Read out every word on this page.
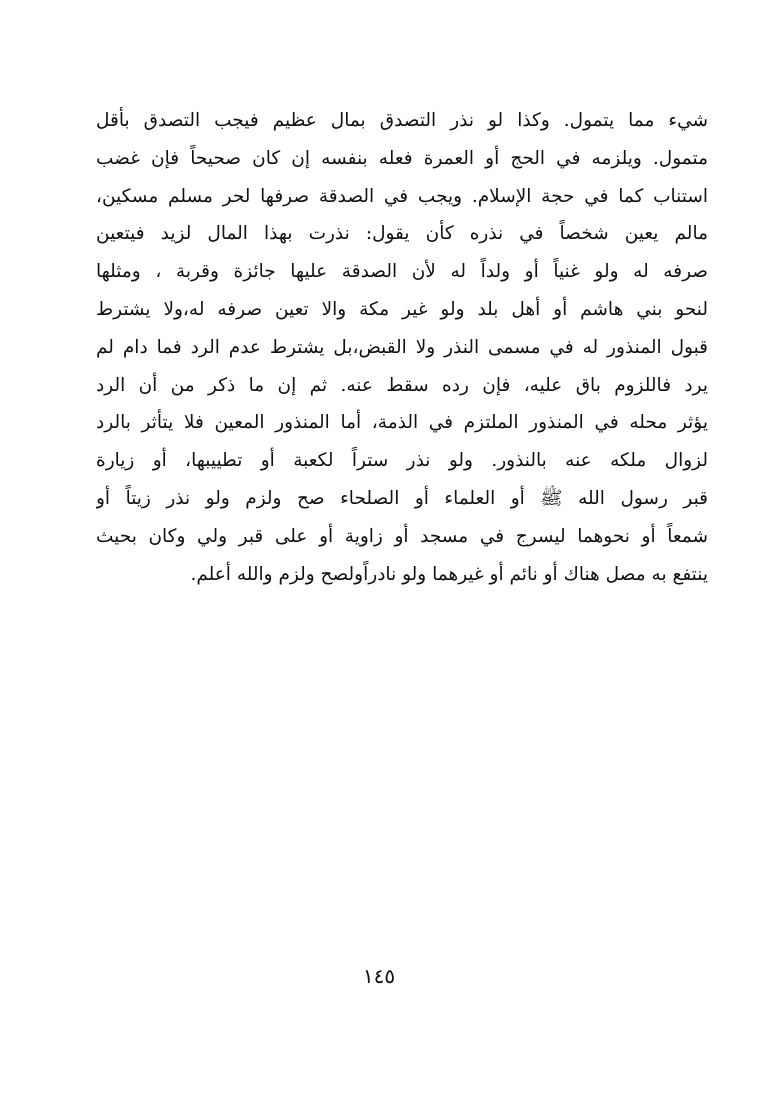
شيء مما يتمول. وكذا لو نذر التصدق بمال عظيم فيجب التصدق بأقل
متمول. ويلزمه في الحج أو العمرة فعله بنفسه إن كان صحيحاً فإن غضب
استناب كما في حجة الإسلام. ويجب في الصدقة صرفها لحر مسلم مسكين،
مالم يعين شخصاً في نذره كأن يقول: نذرت بهذا المال لزيد فيتعين
صرفه له ولو غنياً أو ولداً له لأن الصدقة عليها جائزة وقربة ، ومثلها
لنحو بني هاشم أو أهل بلد ولو غير مكة والا تعين صرفه له،ولا يشترط
قبول المنذور له في مسمى النذر ولا القبض،بل يشترط عدم الرد فما دام لم
يرد فاللزوم باق عليه، فإن رده سقط عنه. ثم إن ما ذكر من أن الرد
يؤثر محله في المنذور الملتزم في الذمة، أما المنذور المعين فلا يتأثر بالرد
لزوال ملكه عنه بالنذور. ولو نذر ستراً لكعبة أو تطييبها، أو زيارة
قبر رسول الله ﷺ أو العلماء أو الصلحاء صح ولزم ولو نذر زيتاً أو
شمعاً أو نحوهما ليسرج في مسجد أو زاوية أو على قبر ولي وكان بحيث
ينتفع به مصل هناك أو نائم أو غيرهما ولو نادراًولصح ولزم والله أعلم.
١٤٥
